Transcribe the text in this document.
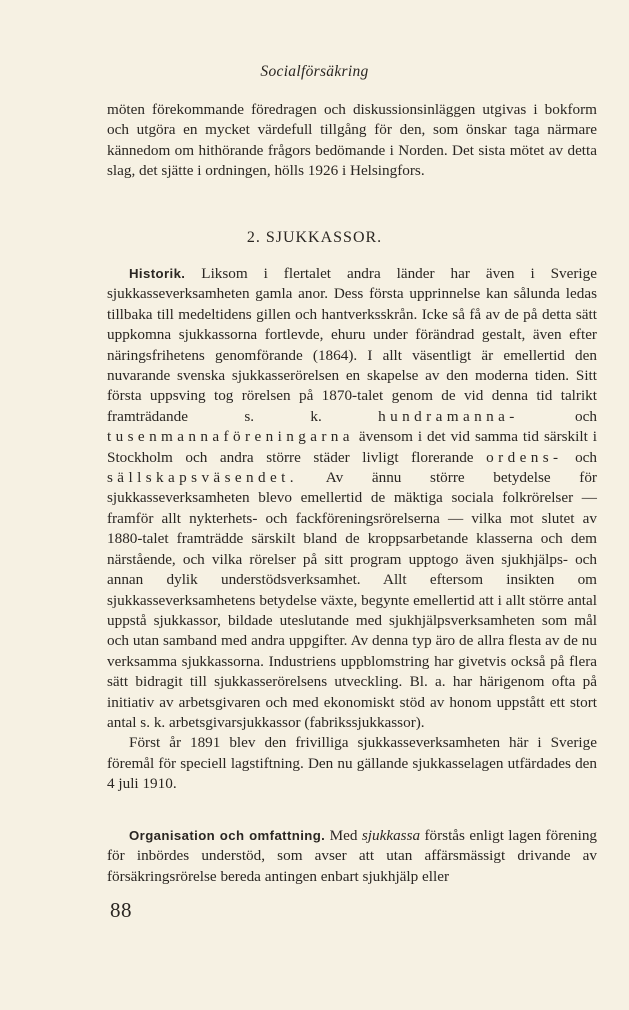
Socialförsäkring

möten förekommande föredragen och diskussionsinläggen utgivas i bokform och utgöra en mycket värdefull tillgång för den, som önskar taga närmare kännedom om hithörande frågors bedömande i Norden. Det sista mötet av detta slag, det sjätte i ordningen, hölls 1926 i Helsingfors.

2. SJUKKASSOR.

Historik. Liksom i flertalet andra länder har även i Sverige sjukkasseverksamheten gamla anor. Dess första upprinnelse kan sålunda ledas tillbaka till medeltidens gillen och hantverksskrån. Icke så få av de på detta sätt uppkomna sjukkassorna fortlevde, ehuru under förändrad gestalt, även efter näringsfrihetens genomförande (1864). I allt väsentligt är emellertid den nuvarande svenska sjukkasserörelsen en skapelse av den moderna tiden. Sitt första uppsving tog rörelsen på 1870-talet genom de vid denna tid talrikt framträdande s. k. hundramanna- och tusenmannaföreningarna ävensom i det vid samma tid särskilt i Stockholm och andra större städer livligt florerande ordens- och sällskapsväsendet. Av ännu större betydelse för sjukkasseverksamheten blevo emellertid de mäktiga sociala folkrörelser — framför allt nykterhets- och fackföreningsrörelserna — vilka mot slutet av 1880-talet framträdde särskilt bland de kroppsarbetande klasserna och dem närstående, och vilka rörelser på sitt program upptogo även sjukhjälps- och annan dylik understödsverksamhet. Allt eftersom insikten om sjukkasseverksamhetens betydelse växte, begynte emellertid att i allt större antal uppstå sjukkassor, bildade uteslutande med sjukhjälpsverksamheten som mål och utan samband med andra uppgifter. Av denna typ äro de allra flesta av de nu verksamma sjukkassorna. Industriens uppblomstring har givetvis också på flera sätt bidragit till sjukkasserörelsens utveckling. Bl. a. har härigenom ofta på initiativ av arbetsgivaren och med ekonomiskt stöd av honom uppstått ett stort antal s. k. arbetsgivarsjukkassor (fabrikssjukkassor).

Först år 1891 blev den frivilliga sjukkasseverksamheten här i Sverige föremål för speciell lagstiftning. Den nu gällande sjukkasselagen utfärdades den 4 juli 1910.

Organisation och omfattning. Med sjukkassa förstås enligt lagen förening för inbördes understöd, som avser att utan affärsmässigt drivande av försäkringsrörelse bereda antingen enbart sjukhjälp eller

88
